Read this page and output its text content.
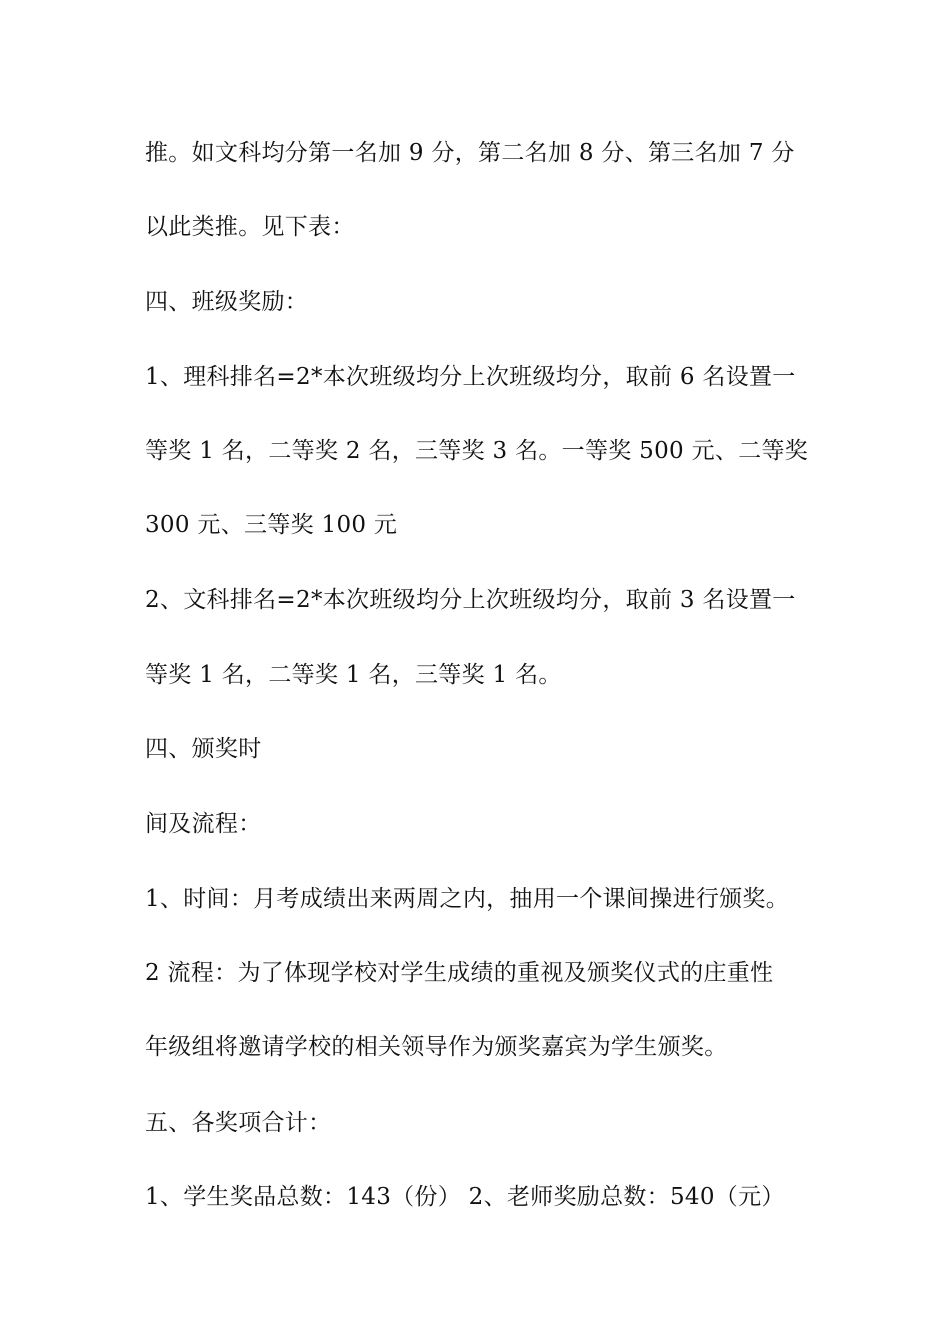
推。如文科均分第一名加 9 分，第二名加 8 分、第三名加 7 分

以此类推。见下表：

四、班级奖励：

1、理科排名=2*本次班级均分上次班级均分，取前 6 名设置一

等奖 1 名，二等奖 2 名，三等奖 3 名。一等奖 500 元、二等奖

300 元、三等奖 100 元

2、文科排名=2*本次班级均分上次班级均分，取前 3 名设置一

等奖 1 名，二等奖 1 名，三等奖 1 名。

四、颁奖时

间及流程：

1、时间：月考成绩出来两周之内，抽用一个课间操进行颁奖。

2 流程：为了体现学校对学生成绩的重视及颁奖仪式的庄重性

年级组将邀请学校的相关领导作为颁奖嘉宾为学生颁奖。

五、各奖项合计：

1、学生奖品总数：143（份） 2、老师奖励总数：540（元）
